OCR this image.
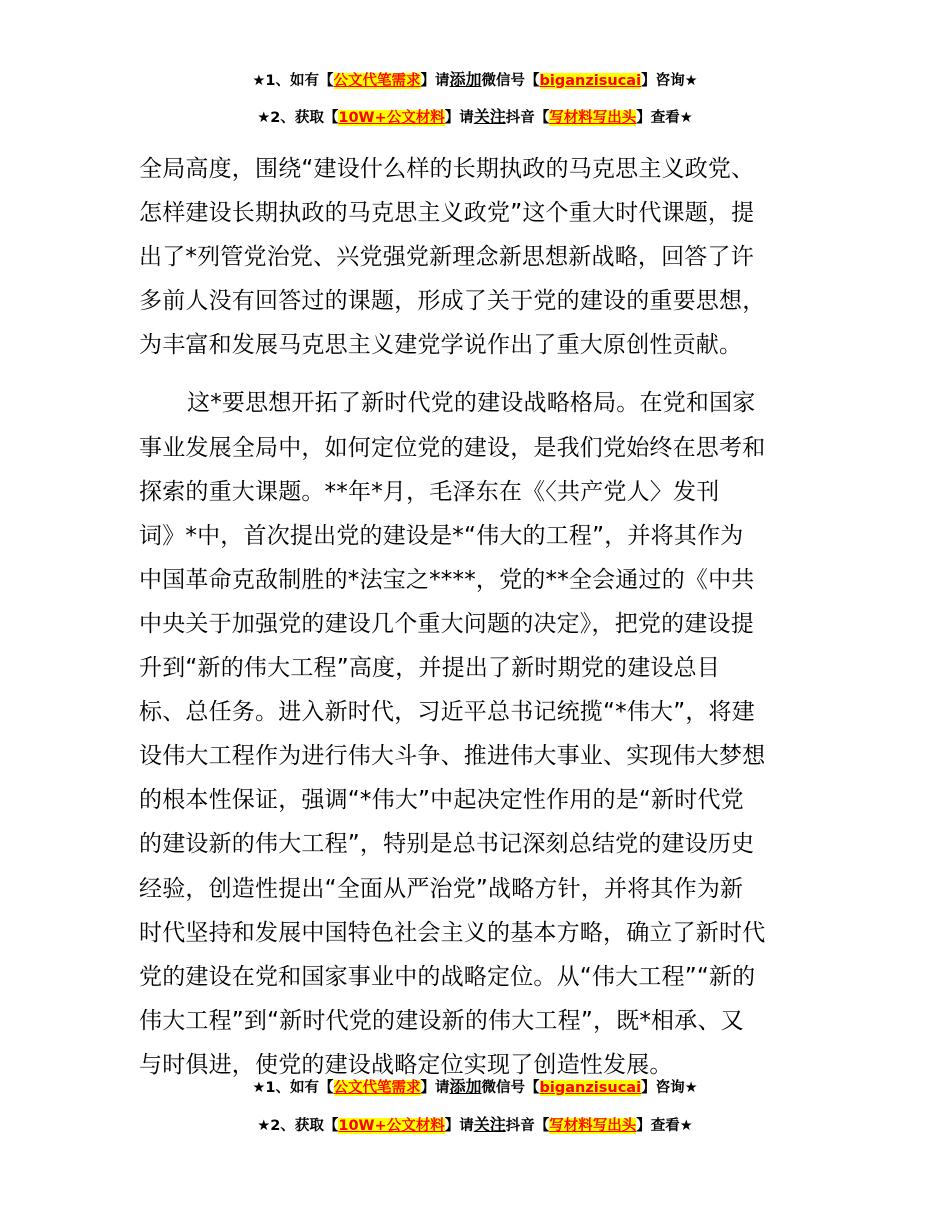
★1、如有【公文代笔需求】请添加微信号【biganzisucai】咨询★
★2、获取【10W+公文材料】请关注抖音【写材料写出头】查看★
全局高度，围绕“建设什么样的长期执政的马克思主义政党、
怎样建设长期执政的马克思主义政党”这个重大时代课题，提
出了*列管党治党、兴党强党新理念新思想新战略，回答了许
多前人没有回答过的课题，形成了关于党的建设的重要思想，
为丰富和发展马克思主义建党学说作出了重大原创性贡献。
这*要思想开拓了新时代党的建设战略格局。在党和国家
事业发展全局中，如何定位党的建设，是我们党始终在思考和
探索的重大课题。**年*月，毛泽东在《〈共产党人〉发刊
词》*中，首次提出党的建设是*“伟大的工程”，并将其作为
中国革命克敌制胜的*法宝之****，党的**全会通过的《中共
中央关于加强党的建设几个重大问题的决定》，把党的建设提
升到“新的伟大工程”高度，并提出了新时期党的建设总目
标、总任务。进入新时代，习近平总书记统揽“*伟大”，将建
设伟大工程作为进行伟大斗争、推进伟大事业、实现伟大梦想
的根本性保证，强调“*伟大”中起决定性作用的是“新时代党
的建设新的伟大工程”，特别是总书记深刻总结党的建设历史
经验，创造性提出“全面从严治党”战略方针，并将其作为新
时代坚持和发展中国特色社会主义的基本方略，确立了新时代
党的建设在党和国家事业中的战略定位。从“伟大工程”“新的
伟大工程”到“新时代党的建设新的伟大工程”，既*相承、又
与时俱进，使党的建设战略定位实现了创造性发展。
★1、如有【公文代笔需求】请添加微信号【biganzisucai】咨询★
★2、获取【10W+公文材料】请关注抖音【写材料写出头】查看★
